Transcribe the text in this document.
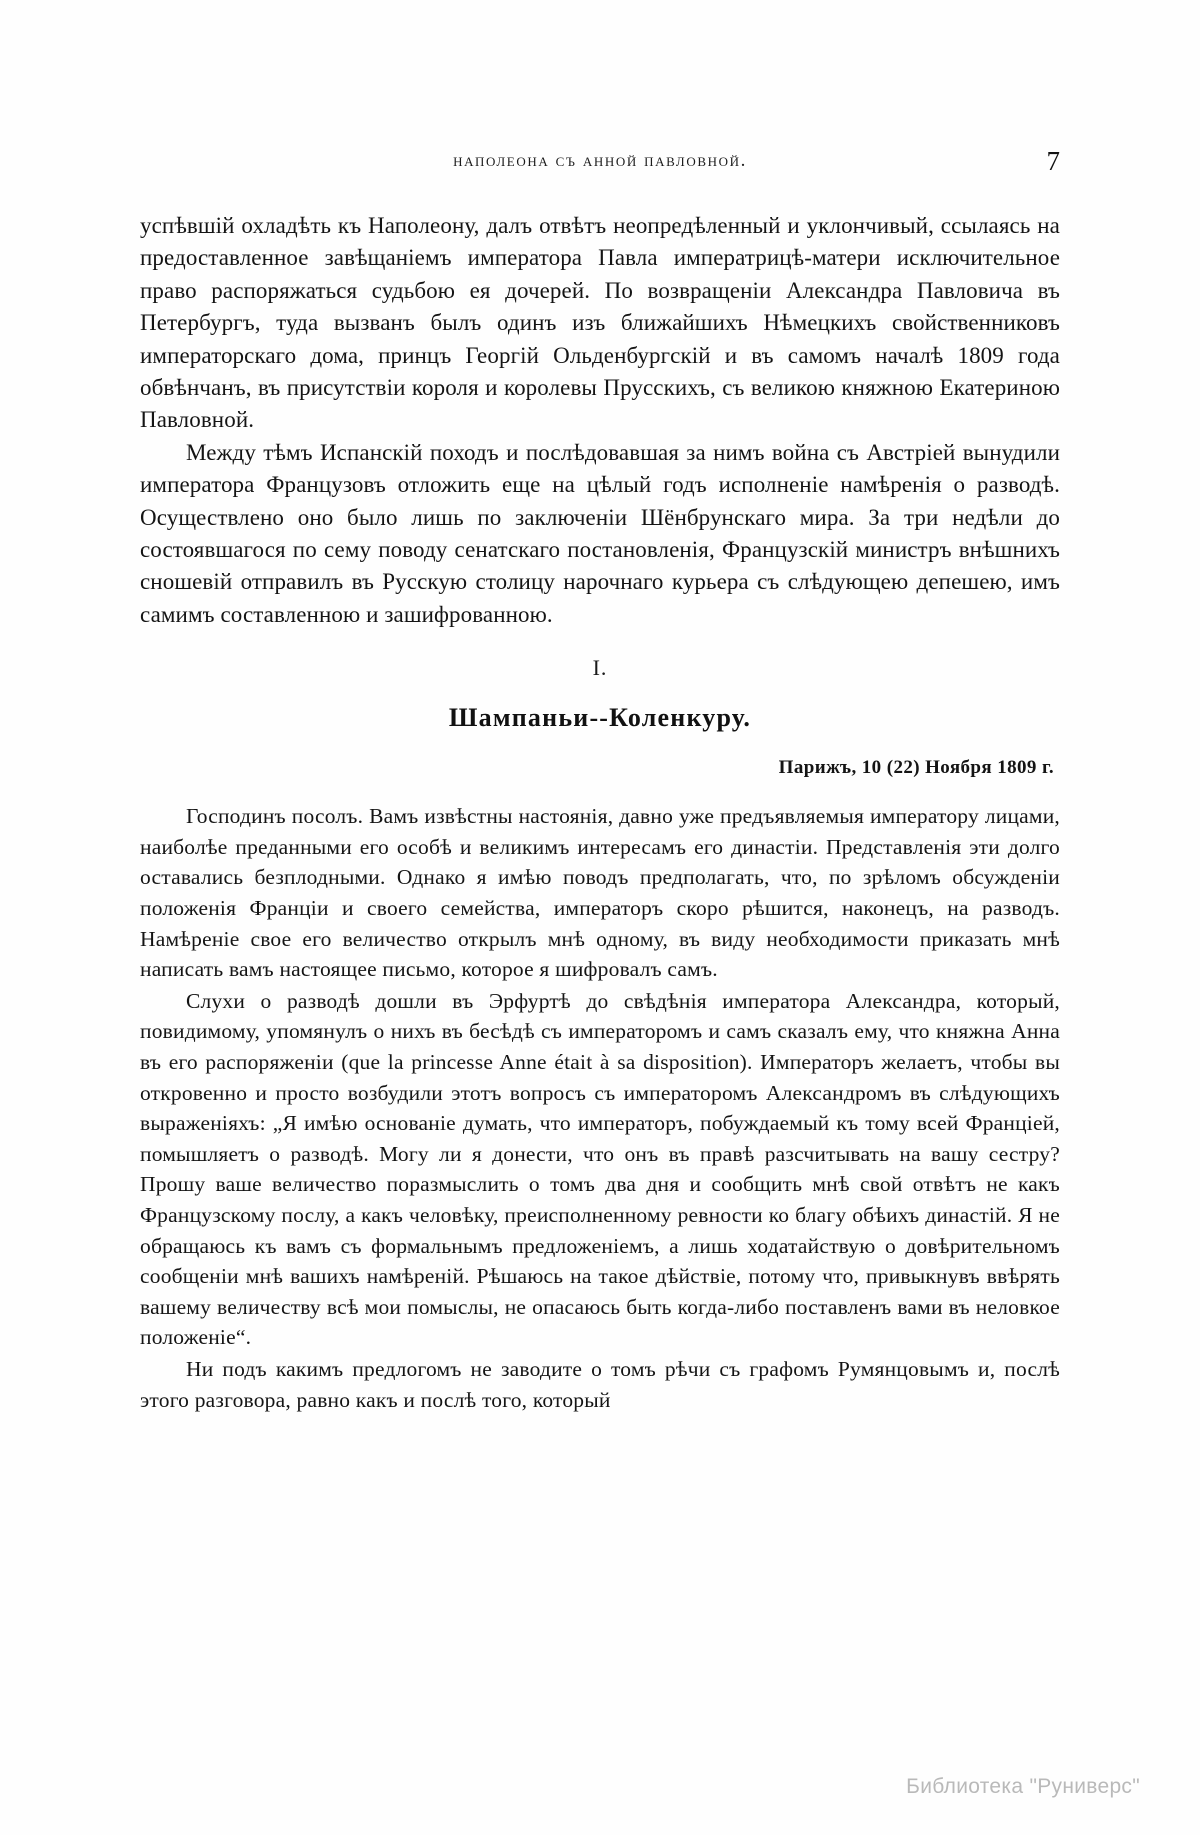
наполеона съ анной павловной.	7

успѣвшій охладѣть къ Наполеону, далъ отвѣтъ неопредѣленный и уклончивый, ссылаясь на предоставленное завѣщаніемъ императора Павла императрицѣ-матери исключительное право распоряжаться судьбою ея дочерей. По возвращеніи Александра Павловича въ Петербургъ, туда вызванъ былъ одинъ изъ ближайшихъ Нѣмецкихъ свойственниковъ императорскаго дома, принцъ Георгій Ольденбургскій и въ самомъ началѣ 1809 года обвѣнчанъ, въ присутствіи короля и королевы Прусскихъ, съ великою княжною Екатериною Павловной.

Между тѣмъ Испанскій походъ и послѣдовавшая за нимъ война съ Австріей вынудили императора Французовъ отложить еще на цѣлый годъ исполненіе намѣренія о разводѣ. Осуществлено оно было лишь по заключеніи Шёнбрунскаго мира. За три недѣли до состоявшагося по сему поводу сенатскаго постановленія, Французскій министръ внѣшнихъ сношевій отправилъ въ Русскую столицу нарочнаго курьера съ слѣдующею депешею, имъ самимъ составленною и зашифрованною.

I.
Шампаньи--Коленкуру.
Парижъ, 10 (22) Ноября 1809 г.

Господинъ посолъ. Вамъ извѣстны настоянія, давно уже предъявляемыя императору лицами, наиболѣе преданными его особѣ и великимъ интересамъ его династіи. Представленія эти долго оставались безплодными. Однако я имѣю поводъ предполагать, что, по зрѣломъ обсужденіи положенія Франціи и своего семейства, императоръ скоро рѣшится, наконецъ, на разводъ. Намѣреніе свое его величество открылъ мнѣ одному, въ виду необходимости приказать мнѣ написать вамъ настоящее письмо, которое я шифровалъ самъ.

Слухи о разводѣ дошли въ Эрфуртѣ до свѣдѣнія императора Александра, который, повидимому, упомянулъ о нихъ въ бесѣдѣ съ императоромъ и самъ сказалъ ему, что княжна Анна въ его распоряженіи (que la princesse Anne était à sa disposition). Императоръ желаетъ, чтобы вы откровенно и просто возбудили этотъ вопросъ съ императоромъ Александромъ въ слѣдующихъ выраженіяхъ: „Я имѣю основаніе думать, что императоръ, побуждаемый къ тому всей Франціей, помышляетъ о разводѣ. Могу ли я донести, что онъ въ правѣ разсчитывать на вашу сестру? Прошу ваше величество поразмыслить о томъ два дня и сообщить мнѣ свой отвѣтъ не какъ Французскому послу, а какъ человѣку, преисполненному ревности ко благу обѣихъ династій. Я не обращаюсь къ вамъ съ формальнымъ предложеніемъ, а лишь ходатайствую о довѣрительномъ сообщеніи мнѣ вашихъ намѣреній. Рѣшаюсь на такое дѣйствіе, потому что, привыкнувъ ввѣрять вашему величеству всѣ мои помыслы, не опасаюсь быть когда-либо поставленъ вами въ неловкое положеніе“.

Ни подъ какимъ предлогомъ не заводите о томъ рѣчи съ графомъ Румянцовымъ и, послѣ этого разговора, равно какъ и послѣ того, который

Библиотека "Руниверс"
